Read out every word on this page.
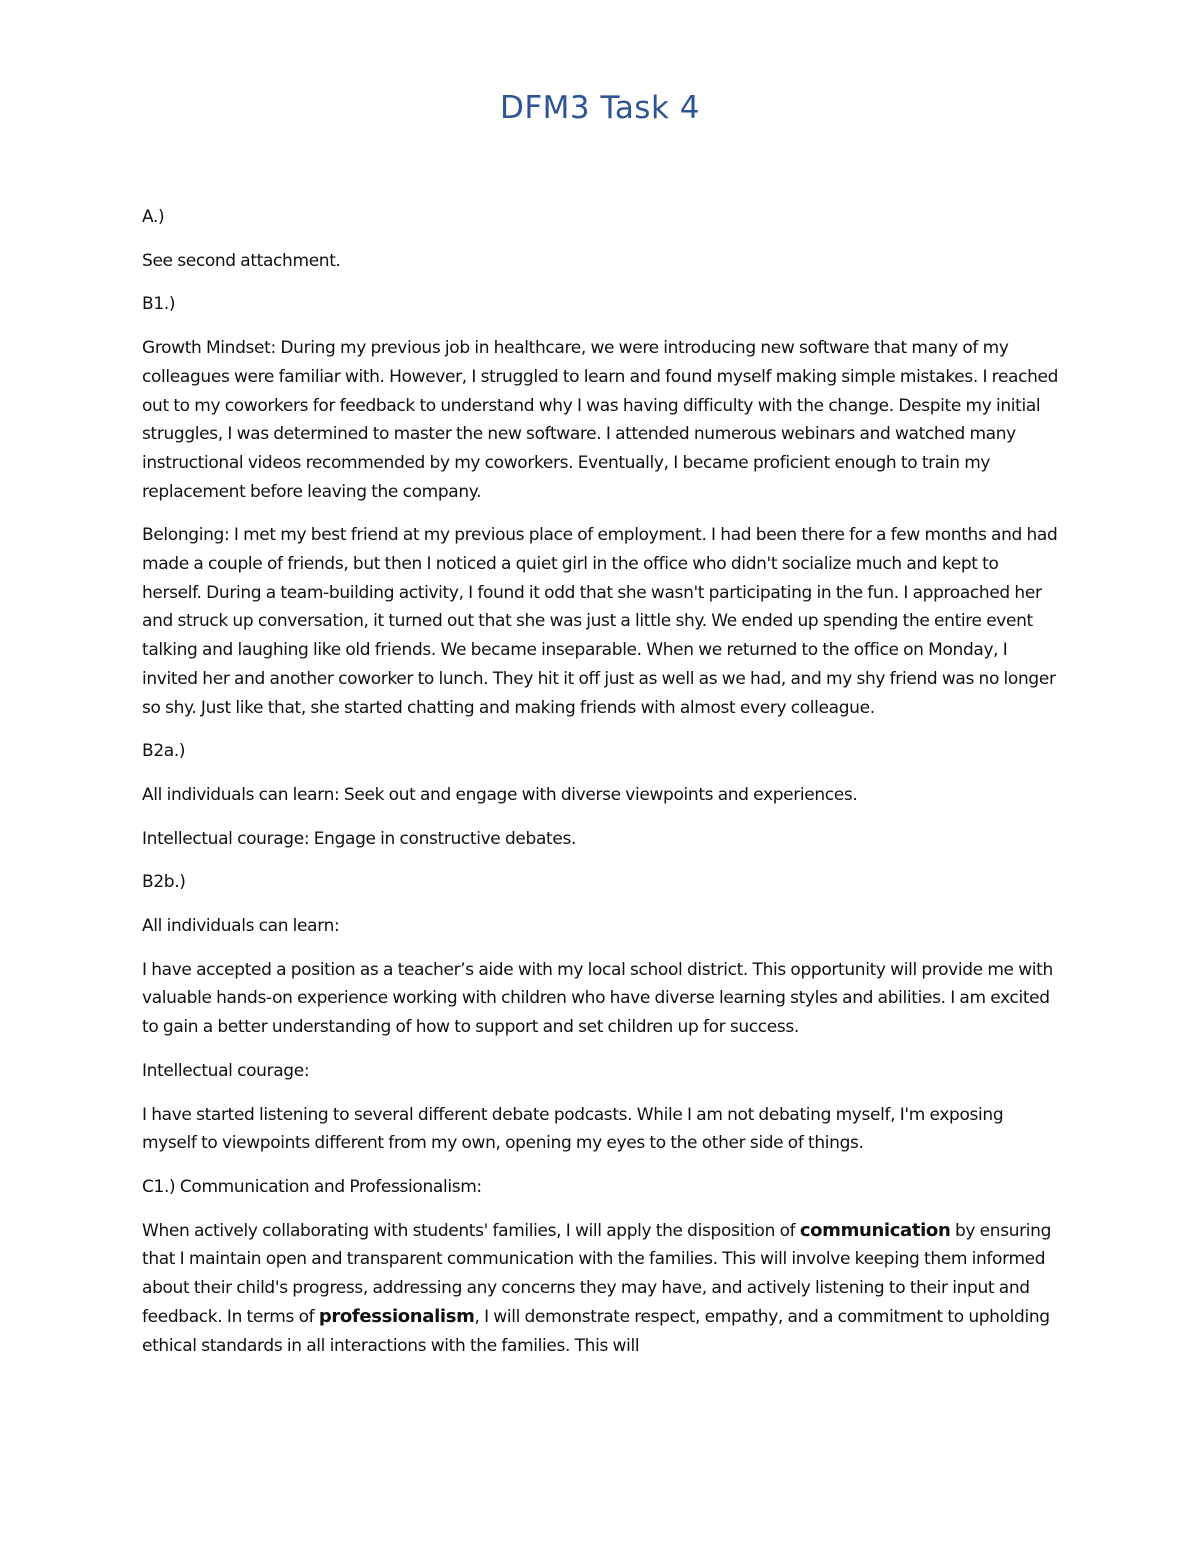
DFM3 Task 4

A.)

See second attachment.

B1.)

Growth Mindset: During my previous job in healthcare, we were introducing new software that many of my colleagues were familiar with. However, I struggled to learn and found myself making simple mistakes. I reached out to my coworkers for feedback to understand why I was having difficulty with the change. Despite my initial struggles, I was determined to master the new software. I attended numerous webinars and watched many instructional videos recommended by my coworkers. Eventually, I became proficient enough to train my replacement before leaving the company.

Belonging: I met my best friend at my previous place of employment. I had been there for a few months and had made a couple of friends, but then I noticed a quiet girl in the office who didn't socialize much and kept to herself. During a team-building activity, I found it odd that she wasn't participating in the fun. I approached her and struck up conversation, it turned out that she was just a little shy. We ended up spending the entire event talking and laughing like old friends. We became inseparable. When we returned to the office on Monday, I invited her and another coworker to lunch. They hit it off just as well as we had, and my shy friend was no longer so shy. Just like that, she started chatting and making friends with almost every colleague.

B2a.)

All individuals can learn: Seek out and engage with diverse viewpoints and experiences.

Intellectual courage: Engage in constructive debates.

B2b.)

All individuals can learn:

I have accepted a position as a teacher’s aide with my local school district. This opportunity will provide me with valuable hands-on experience working with children who have diverse learning styles and abilities. I am excited to gain a better understanding of how to support and set children up for success.

Intellectual courage:

I have started listening to several different debate podcasts. While I am not debating myself, I'm exposing myself to viewpoints different from my own, opening my eyes to the other side of things.

C1.) Communication and Professionalism:

When actively collaborating with students' families, I will apply the disposition of communication by ensuring that I maintain open and transparent communication with the families. This will involve keeping them informed about their child's progress, addressing any concerns they may have, and actively listening to their input and feedback. In terms of professionalism, I will demonstrate respect, empathy, and a commitment to upholding ethical standards in all interactions with the families. This will
